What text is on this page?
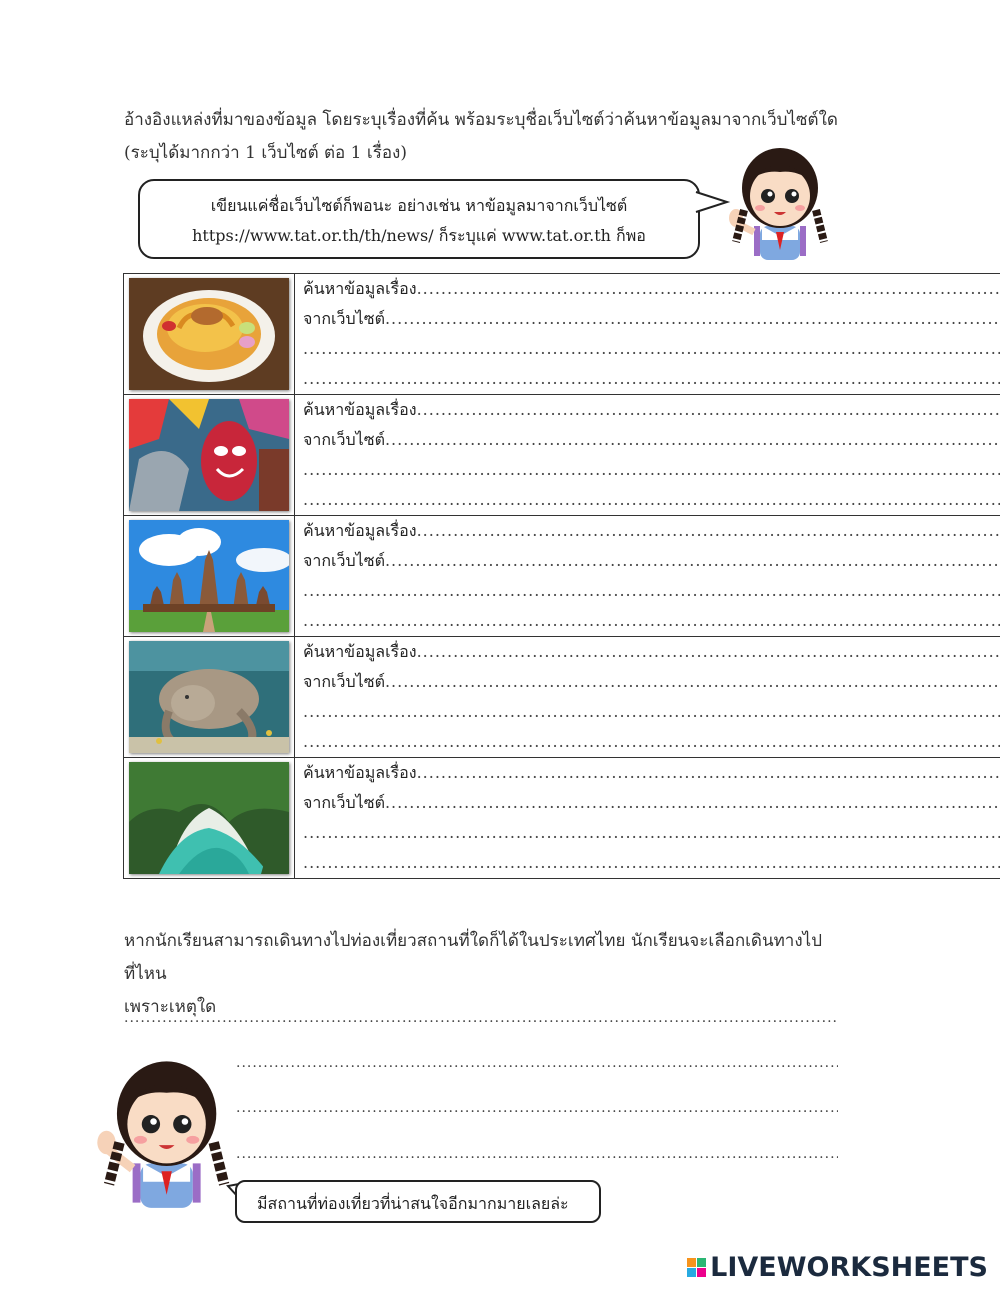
อ้างอิงแหล่งที่มาของข้อมูล โดยระบุเรื่องที่ค้น พร้อมระบุชื่อเว็บไซต์ว่าค้นหาข้อมูลมาจากเว็บไซต์ใด
(ระบุได้มากกว่า 1 เว็บไซต์ ต่อ 1 เรื่อง)
เขียนแค่ชื่อเว็บไซต์ก็พอนะ อย่างเช่น หาข้อมูลมาจากเว็บไซต์
https://www.tat.or.th/th/news/ ก็ระบุแค่ www.tat.or.th ก็พอ

ค้นหาข้อมูลเรื่อง
.....
จากเว็บไซต์
.....
.....
.....

ค้นหาข้อมูลเรื่อง
.....
จากเว็บไซต์
.....
.....
.....

ค้นหาข้อมูลเรื่อง
.....
จากเว็บไซต์
.....
.....
.....

ค้นหาข้อมูลเรื่อง
.....
จากเว็บไซต์
.....
.....
.....

ค้นหาข้อมูลเรื่อง
.....
จากเว็บไซต์
.....
.....
.....
หากนักเรียนสามารถเดินทางไปท่องเที่ยวสถานที่ใดก็ได้ในประเทศไทย นักเรียนจะเลือกเดินทางไปที่ไหน
เพราะเหตุใด
.....
.....
.....
.....
มีสถานที่ท่องเที่ยวที่น่าสนใจอีกมากมายเลยล่ะ
LIVEWORKSHEETS
